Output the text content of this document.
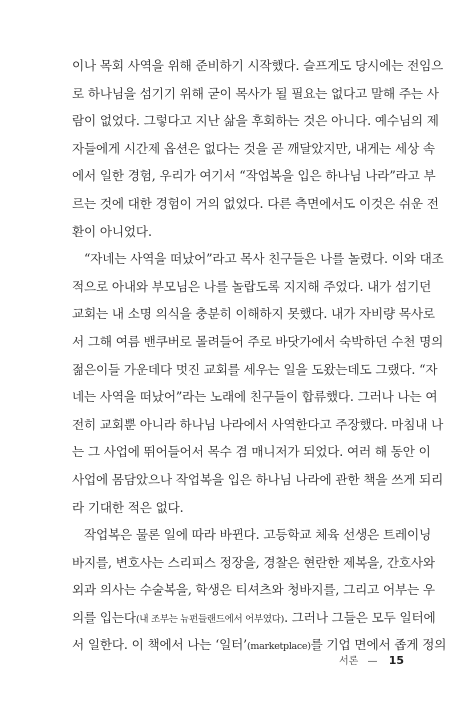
이나 목회 사역을 위해 준비하기 시작했다. 슬프게도 당시에는 전임으
로 하나님을 섬기기 위해 굳이 목사가 될 필요는 없다고 말해 주는 사
람이 없었다. 그렇다고 지난 삶을 후회하는 것은 아니다. 예수님의 제
자들에게 시간제 옵션은 없다는 것을 곧 깨달았지만, 내게는 세상 속
에서 일한 경험, 우리가 여기서 “작업복을 입은 하나님 나라”라고 부
르는 것에 대한 경험이 거의 없었다. 다른 측면에서도 이것은 쉬운 전
환이 아니었다.
“자네는 사역을 떠났어”라고 목사 친구들은 나를 놀렸다. 이와 대조
적으로 아내와 부모님은 나를 놀랍도록 지지해 주었다. 내가 섬기던
교회는 내 소명 의식을 충분히 이해하지 못했다. 내가 자비량 목사로
서 그해 여름 밴쿠버로 몰려들어 주로 바닷가에서 숙박하던 수천 명의
젊은이들 가운데다 멋진 교회를 세우는 일을 도왔는데도 그랬다. “자
네는 사역을 떠났어”라는 노래에 친구들이 합류했다. 그러나 나는 여
전히 교회뿐 아니라 하나님 나라에서 사역한다고 주장했다. 마침내 나
는 그 사업에 뛰어들어서 목수 겸 매니저가 되었다. 여러 해 동안 이
사업에 몸담았으나 작업복을 입은 하나님 나라에 관한 책을 쓰게 되리
라 기대한 적은 없다.
작업복은 물론 일에 따라 바뀐다. 고등학교 체육 선생은 트레이닝
바지를, 변호사는 스리피스 정장을, 경찰은 현란한 제복을, 간호사와
외과 의사는 수술복을, 학생은 티셔츠와 청바지를, 그리고 어부는 우
의를 입는다(내 조부는 뉴펀들랜드에서 어부였다). 그러나 그들은 모두 일터에
서 일한다. 이 책에서 나는 ‘일터’(marketplace)를 기업 면에서 좁게 정의
서론 — 15
